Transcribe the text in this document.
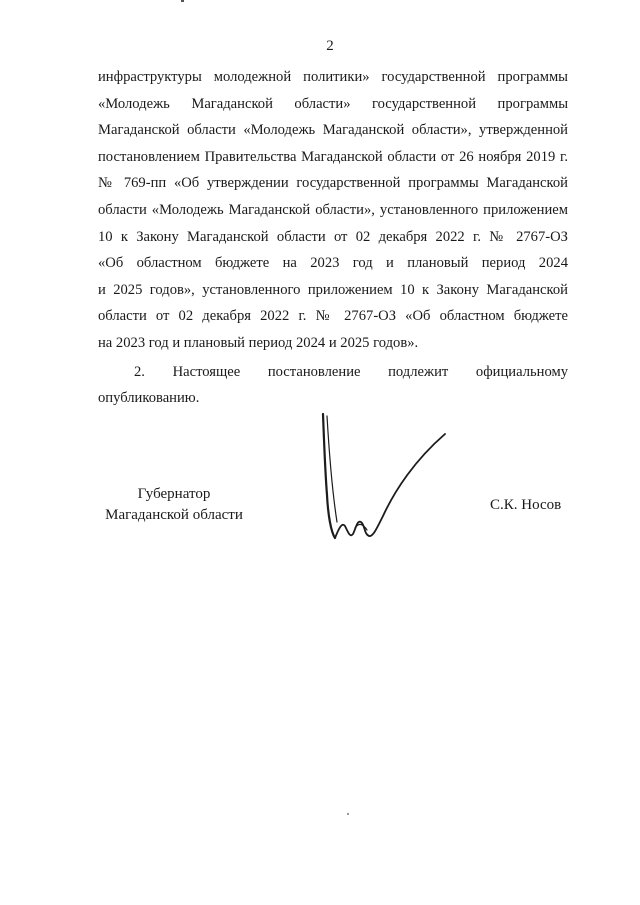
2

инфраструктуры молодежной политики» государственной программы
«Молодежь Магаданской области» государственной программы
Магаданской области «Молодежь Магаданской области», утвержденной
постановлением Правительства Магаданской области от 26 ноября 2019 г.
№ 769-пп «Об утверждении государственной программы Магаданской
области «Молодежь Магаданской области», установленного приложением
10 к Закону Магаданской области от 02 декабря 2022 г. № 2767-ОЗ
«Об областном бюджете на 2023 год и плановый период 2024
и 2025 годов», установленного приложением 10 к Закону Магаданской
области от 02 декабря 2022 г. № 2767-ОЗ «Об областном бюджете
на 2023 год и плановый период 2024 и 2025 годов».

2. Настоящее постановление подлежит официальному
опубликованию.

Губернатор
Магаданской области
С.К. Носов
